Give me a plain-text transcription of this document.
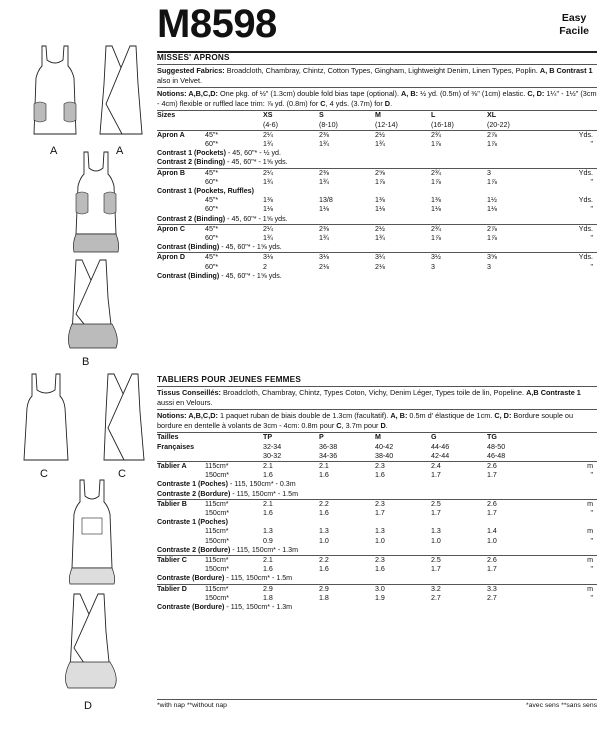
A	A
B
C	C
D
M8598	Easy
Facile
MISSES' APRONS
Suggested Fabrics: Broadcloth, Chambray, Chintz, Cotton Types, Gingham, Lightweight Denim, Linen Types, Poplin. A, B Contrast 1 also in Velvet.
Notions: A,B,C,D: One pkg. of ½" (1.3cm) double fold bias tape (optional). A, B: ½ yd. (0.5m) of ⅜" (1cm) elastic. C, D: 1¼" - 1½" (3cm - 4cm) flexible or ruffled lace trim: ⅞ yd. (0.8m) for C, 4 yds. (3.7m) for D.
Sizes		XS	S	M	L	XL	
		(4-6)	(8-10)	(12-14)	(16-18)	(20-22)	
Apron A	45"*	2¼	2⅜	2½	2¾	2⅞	Yds.
	60"*	1¾	1¾	1¾	1⅞	1⅞	"
Contrast 1 (Pockets) - 45, 60"* - ½ yd.							
Contrast 2 (Binding) - 45, 60"* - 1⅝ yds.							
Apron B	45"*	2¼	2⅜	2⅝	2¾	3	Yds.
	60"*	1¾	1¾	1⅞	1⅞	1⅞	"
Contrast 1 (Pockets, Ruffles)							
	45"*	1⅜	13/8	1⅜	1⅜	1½	Yds.
	60"*	1⅛	1⅛	1⅛	1⅛	1⅛	"
Contrast 2 (Binding) - 45, 60"* - 1⅝ yds.							
Apron C	45"*	2¼	2⅜	2½	2¾	2⅞	Yds.
	60"*	1¾	1¾	1¾	1⅞	1⅞	"
Contrast (Binding) - 45, 60"* - 1⅝ yds.							
Apron D	45"*	3⅛	3⅛	3¼	3½	3⅝	Yds.
	60"*	2	2⅛	2⅛	3	3	"
Contrast (Binding) - 45, 60"* - 1⅝ yds.							
TABLIERS POUR JEUNES FEMMES
Tissus Conseillés: Broadcloth, Chambray, Chintz, Types Coton, Vichy, Denim Léger, Types toile de lin, Popeline. A,B Contraste 1 aussi en Velours.
Notions: A,B,C,D: 1 paquet ruban de biais double de 1.3cm (facultatif). A, B: 0.5m d' élastique de 1cm. C, D: Bordure souple ou bordure en dentelle à volants de 3cm - 4cm: 0.8m pour C, 3.7m pour D.
Tailles		TP	P	M	G	TG	
Françaises		32-34	36-38	40-42	44-46	48-50	
		30-32	34-36	38-40	42-44	46-48	
Tablier A	115cm*	2.1	2.1	2.3	2.4	2.6	m
	150cm*	1.6	1.6	1.6	1.7	1.7	"
Contraste 1 (Poches) - 115, 150cm* - 0.3m							
Contraste 2 (Bordure) - 115, 150cm* - 1.5m							
Tablier B	115cm*	2.1	2.2	2.3	2.5	2.6	m
	150cm*	1.6	1.6	1.7	1.7	1.7	"
Contraste 1 (Poches)							
	115cm*	1.3	1.3	1.3	1.3	1.4	m
	150cm*	0.9	1.0	1.0	1.0	1.0	"
Contraste 2 (Bordure) - 115, 150cm* - 1.3m							
Tablier C	115cm*	2.1	2.2	2.3	2.5	2.6	m
	150cm*	1.6	1.6	1.6	1.7	1.7	"
Contraste (Bordure) - 115, 150cm* - 1.5m							
Tablier D	115cm*	2.9	2.9	3.0	3.2	3.3	m
	150cm*	1.8	1.8	1.9	2.7	2.7	"
Contraste (Bordure) - 115, 150cm* - 1.3m							
*with nap **without nap	*avec sens **sans sens
